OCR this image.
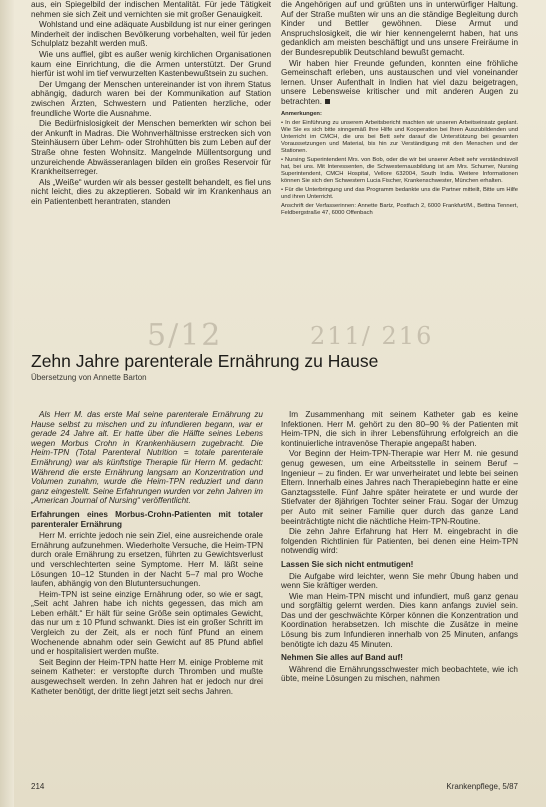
aus, ein Spiegelbild der indischen Mentalität. Für jede Tätigkeit nehmen sie sich Zeit und vernichten sie mit großer Genauigkeit.

Wohlstand und eine adäquate Ausbildung ist nur einer geringen Minderheit der indischen Bevölkerung vorbehalten, weil für jeden Schulplatz bezahlt werden muß.

Wie uns auffiel, gibt es außer wenig kirchlichen Organisationen kaum eine Einrichtung, die die Armen unterstützt. Der Grund hierfür ist wohl im tief verwurzelten Kastenbewußtsein zu suchen.

Der Umgang der Menschen untereinander ist von ihrem Status abhängig, dadurch waren bei der Kommunikation auf Station zwischen Ärzten, Schwestern und Patienten herzliche, oder freundliche Worte die Ausnahme.

Die Bedürfnislosigkeit der Menschen bemerkten wir schon bei der Ankunft in Madras. Die Wohnverhältnisse erstrecken sich von Steinhäusern über Lehm- oder Strohhütten bis zum Leben auf der Straße ohne festen Wohnsitz. Mangelnde Müllentsorgung und unzureichende Abwässeranlagen bilden ein großes Reservoir für Krankheitserreger.

Als „Weiße“ wurden wir als besser gestellt behandelt, es fiel uns nicht leicht, dies zu akzeptieren. Sobald wir im Krankenhaus an ein Patientenbett herantraten, standen

die Angehörigen auf und grüßten uns in unterwürfiger Haltung. Auf der Straße mußten wir uns an die ständige Begleitung durch Kinder und Bettler gewöhnen. Diese Armut und Anspruchslosigkeit, die wir hier kennengelernt haben, hat uns gedanklich am meisten beschäftigt und uns unsere Freiräume in der Bundesrepublik Deutschland bewußt gemacht.

Wir haben hier Freunde gefunden, konnten eine fröhliche Gemeinschaft erleben, uns austauschen und viel voneinander lernen. Unser Aufenthalt in Indien hat viel dazu beigetragen, unsere Lebensweise kritischer und mit anderen Augen zu betrachten.

Anmerkungen:

• In der Einführung zu unserem Arbeitsbericht machten wir unseren Arbeitseinsatz geplant. Wie Sie es sich bitte sinngemäß Ihre Hilfe und Kooperation bei Ihren Auszubildenden und Unterricht im CMCH, die uns bei Bett sehr darauf die Unterstützung bei gesamten Voraussetzungen und Material, bis hin zur Verständigung mit den Menschen und der Stationen.

• Nursing Superintendent Mrs. von Bob, oder die wir bei unserer Arbeit sehr verständnisvoll hat, bei uns. Mit Interessenten, die Schwesternausbildung ist am Mrs. Schumer, Nursing Superintendent, CMCH Hospital, Vellore 632004, South India. Weitere Informationen können Sie sich den Schwestern Lucia Fischer, Krankenschwester, München erhalten.

• Für die Unterbringung und das Programm bedankte uns die Partner mitteilt, Bitte um Hilfe und ihren Unterricht.

Anschrift der Verfasserinnen: Annette Bartz, Postfach 2, 6000 Frankfurt/M., Bettina Tennert, Feldbergstraße 47, 6000 Offenbach

5/12	211/ 216
Zehn Jahre parenterale Ernährung zu Hause
Übersetzung von Annette Barton

Als Herr M. das erste Mal seine parenterale Ernährung zu Hause selbst zu mischen und zu infundieren begann, war er gerade 24 Jahre alt. Er hatte über die Hälfte seines Lebens wegen Morbus Crohn in Krankenhäusern zugebracht. Die Heim-TPN (Total Parenteral Nutrition = totale parenterale Ernährung) war als künftstige Therapie für Herrn M. gedacht: Während die erste Ernährung langsam an Konzentration und Volumen zunahm, wurde die Heim-TPN reduziert und dann ganz eingestellt. Seine Erfahrungen wurden vor zehn Jahren im „American Journal of Nursing“ veröffentlicht.

Erfahrungen eines Morbus-Crohn-Patienten mit totaler parenteraler Ernährung

Herr M. errichte jedoch nie sein Ziel, eine ausreichende orale Ernährung aufzunehmen. Wiederholte Versuche, die Heim-TPN durch orale Ernährung zu ersetzen, führten zu Gewichtsverlust und verschlechterten seine Symptome. Herr M. läßt seine Lösungen 10–12 Stunden in der Nacht 5–7 mal pro Woche laufen, abhängig von den Blutuntersuchungen.

Heim-TPN ist seine einzige Ernährung oder, so wie er sagt, „Seit acht Jahren habe ich nichts gegessen, das mich am Leben erhält.“ Er hält für seine Größe sein optimales Gewicht, das nur um ± 10 Pfund schwankt. Dies ist ein großer Schritt im Vergleich zu der Zeit, als er noch fünf Pfund an einem Wochenende abnahm oder sein Gewicht auf 85 Pfund abfiel und er hospitalisiert werden mußte.

Seit Beginn der Heim-TPN hatte Herr M. einige Probleme mit seinem Katheter: er verstopfte durch Thromben und mußte ausgewechselt werden. In zehn Jahren hat er jedoch nur drei Katheter benötigt, der dritte liegt jetzt seit sechs Jahren.

Im Zusammenhang mit seinem Katheter gab es keine Infektionen. Herr M. gehört zu den 80–90 % der Patienten mit Heim-TPN, die sich in ihrer Lebensführung erfolgreich an die kontinuierliche intravenöse Therapie angepaßt haben.

Vor Beginn der Heim-TPN-Therapie war Herr M. nie gesund genug gewesen, um eine Arbeitsstelle in seinem Beruf – Ingenieur – zu finden. Er war unverheiratet und lebte bei seinen Eltern. Innerhalb eines Jahres nach Therapiebeginn hatte er eine Ganztagsstelle. Fünf Jahre später heiratete er und wurde der Stiefvater der 8jährigen Tochter seiner Frau. Sogar der Umzug per Auto mit seiner Familie quer durch das ganze Land beeinträchtigte nicht die nächtliche Heim-TPN-Routine.

Die zehn Jahre Erfahrung hat Herr M. eingebracht in die folgenden Richtlinien für Patienten, bei denen eine Heim-TPN notwendig wird:

Lassen Sie sich nicht entmutigen!

Die Aufgabe wird leichter, wenn Sie mehr Übung haben und wenn Sie kräftiger werden.

Wie man Heim-TPN mischt und infundiert, muß ganz genau und sorgfältig gelernt werden. Dies kann anfangs zuviel sein. Das und der geschwächte Körper können die Konzentration und Koordination herabsetzen. Ich mischte die Zusätze in meine Lösung bis zum Infundieren innerhalb von 25 Minuten, anfangs benötigte ich dazu 45 Minuten.

Nehmen Sie alles auf Band auf!

Während die Ernährungsschwester mich beobachtete, wie ich übte, meine Lösungen zu mischen, nahmen

214	Krankenpflege, 5/87
